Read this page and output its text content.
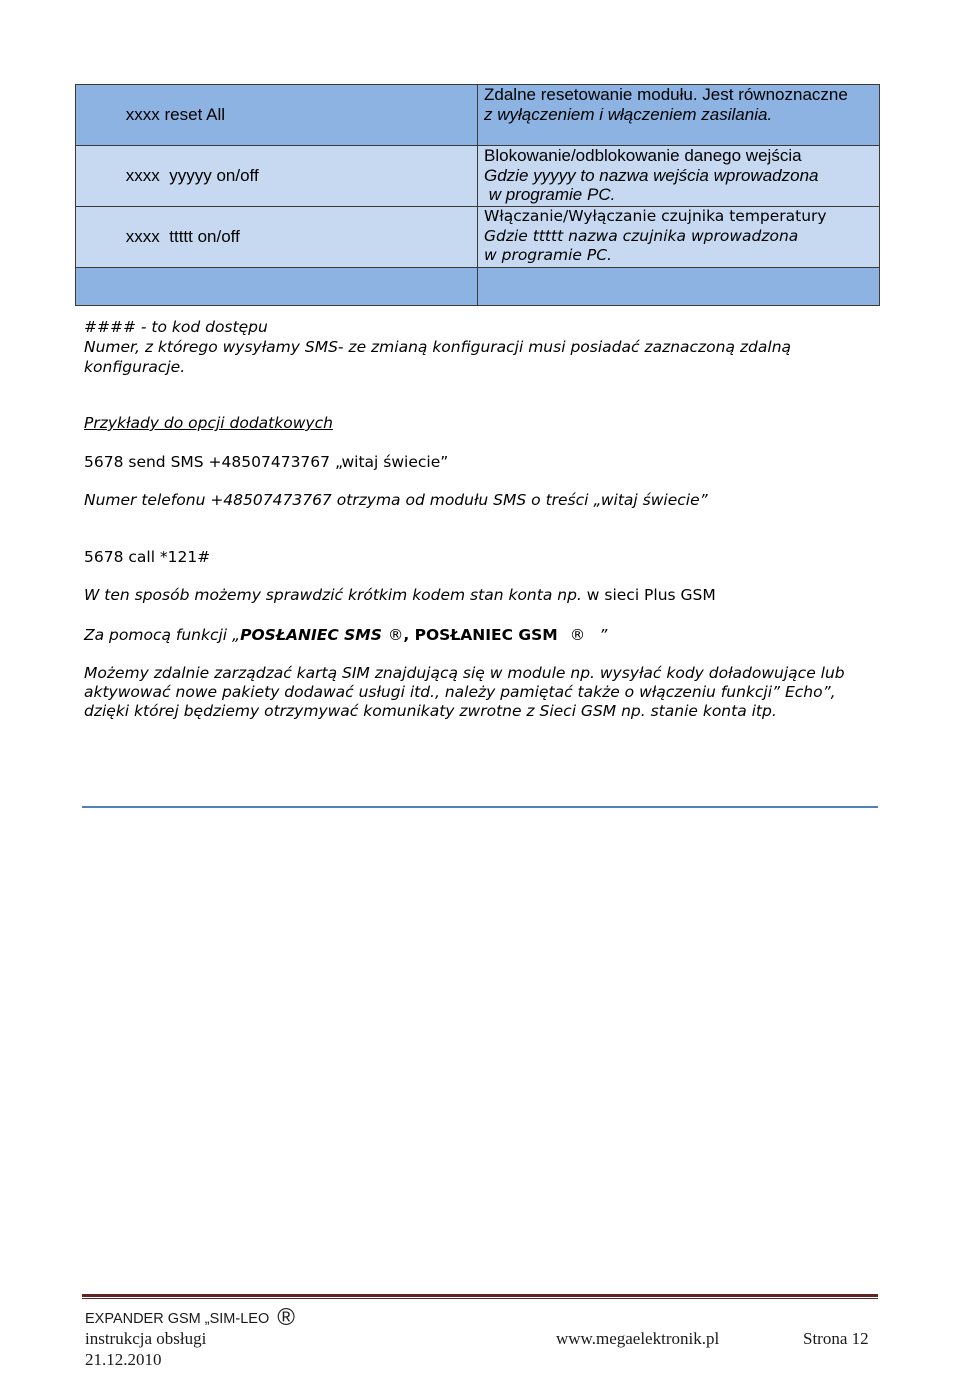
xxxx reset All	Zdalne resetowanie modułu. Jest równoznaczne
z wyłączeniem i włączeniem zasilania.

xxxx  yyyyy on/off	Blokowanie/odblokowanie danego wejścia
Gdzie yyyyy to nazwa wejścia wprowadzona
w programie PC.

xxxx  ttttt on/off	Włączanie/Wyłączanie czujnika temperatury
Gdzie ttttt nazwa czujnika wprowadzona
w programie PC.

#### - to kod dostępu
Numer, z którego wysyłamy SMS- ze zmianą konfiguracji musi posiadać zaznaczoną zdalną
konfiguracje.
Przykłady do opcji dodatkowych
5678 send SMS +48507473767 „witaj świecie”
Numer telefonu +48507473767 otrzyma od modułu SMS o treści „witaj świecie”
5678 call *121#
W ten sposób możemy sprawdzić krótkim kodem stan konta np. w sieci Plus GSM
Za pomocą funkcji „POSŁANIEC SMS ®, POSŁANIEC GSM ® ”
Możemy zdalnie zarządzać kartą SIM znajdującą się w module np. wysyłać kody doładowujące lub
aktywować nowe pakiety dodawać usługi itd., należy pamiętać także o włączeniu funkcji” Echo”,
dzięki której będziemy otrzymywać komunikaty zwrotne z Sieci GSM np. stanie konta itp.
EXPANDER GSM „SIM-LEO ®
instrukcja obsługi	www.megaelektronik.pl	Strona 12
21.12.2010
